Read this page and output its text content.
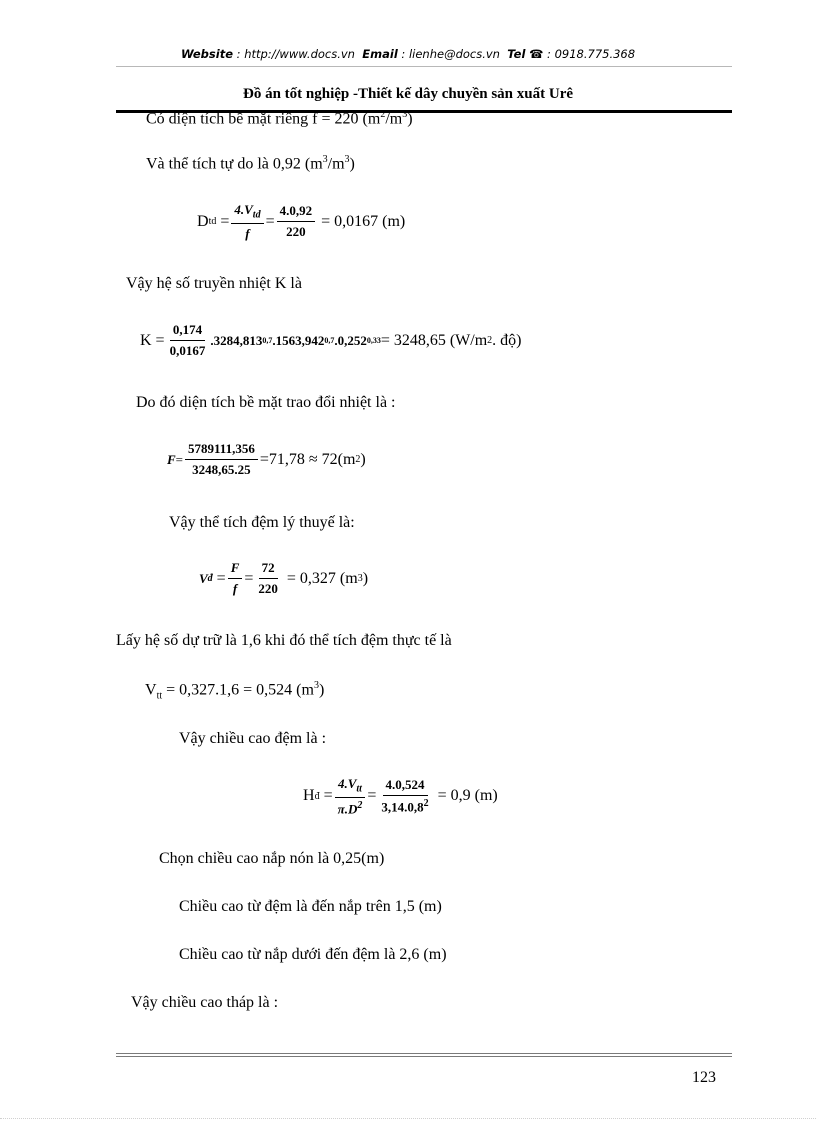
Website : http://www.docs.vn Email : lienhe@docs.vn Tel ☎ : 0918.775.368
Đồ án tốt nghiệp -Thiết kế dây chuyền sản xuất Urê
Có diện tích bề mặt riêng f = 220 $(m^2/m^3)$
Và thể tích tự do là 0,92 $(m^3/m^3)$
D td = $\frac{4.V_{td}}{f} = \frac{4.0,92}{220}$
= 0,0167 (m)
Vậy hệ số truyền nhiệt K là
$K = \frac{0,174}{0,0167} .3284,813$ 0,7 .1563,942 0,7 .0,252 0,33 = 3248,65 (W/m 2 . độ)
Do đó diện tích bề mặt trao đổi nhiệt là :
$F = \frac{5789111,356}{3248,65.25} =71,78 \approx 72(m$ 2 )
Vậy thể tích đệm lý thuyế là:
V đ = $\frac{F}{f} = \frac{72}{220}$
= 0,327 (m 3 )
Lấy hệ số dự trữ là 1,6 khi đó thể tích đệm thực tế là
$V_{tt} = 0,327.1,6 = 0,524$ $(m^3)$
Vậy chiều cao đệm là :
H đ = $\frac{4.V_{tt}}{\pi.D^2} = \frac{4.0,524}{3,14.0,8^2}$
= 0,9 (m)
Chọn chiều cao nắp nón là 0,25(m)
Chiều cao từ đệm là đến nắp trên 1,5 (m)
Chiều cao từ nắp dưới đến đệm là 2,6 (m)
Vậy chiều cao tháp là :
123
